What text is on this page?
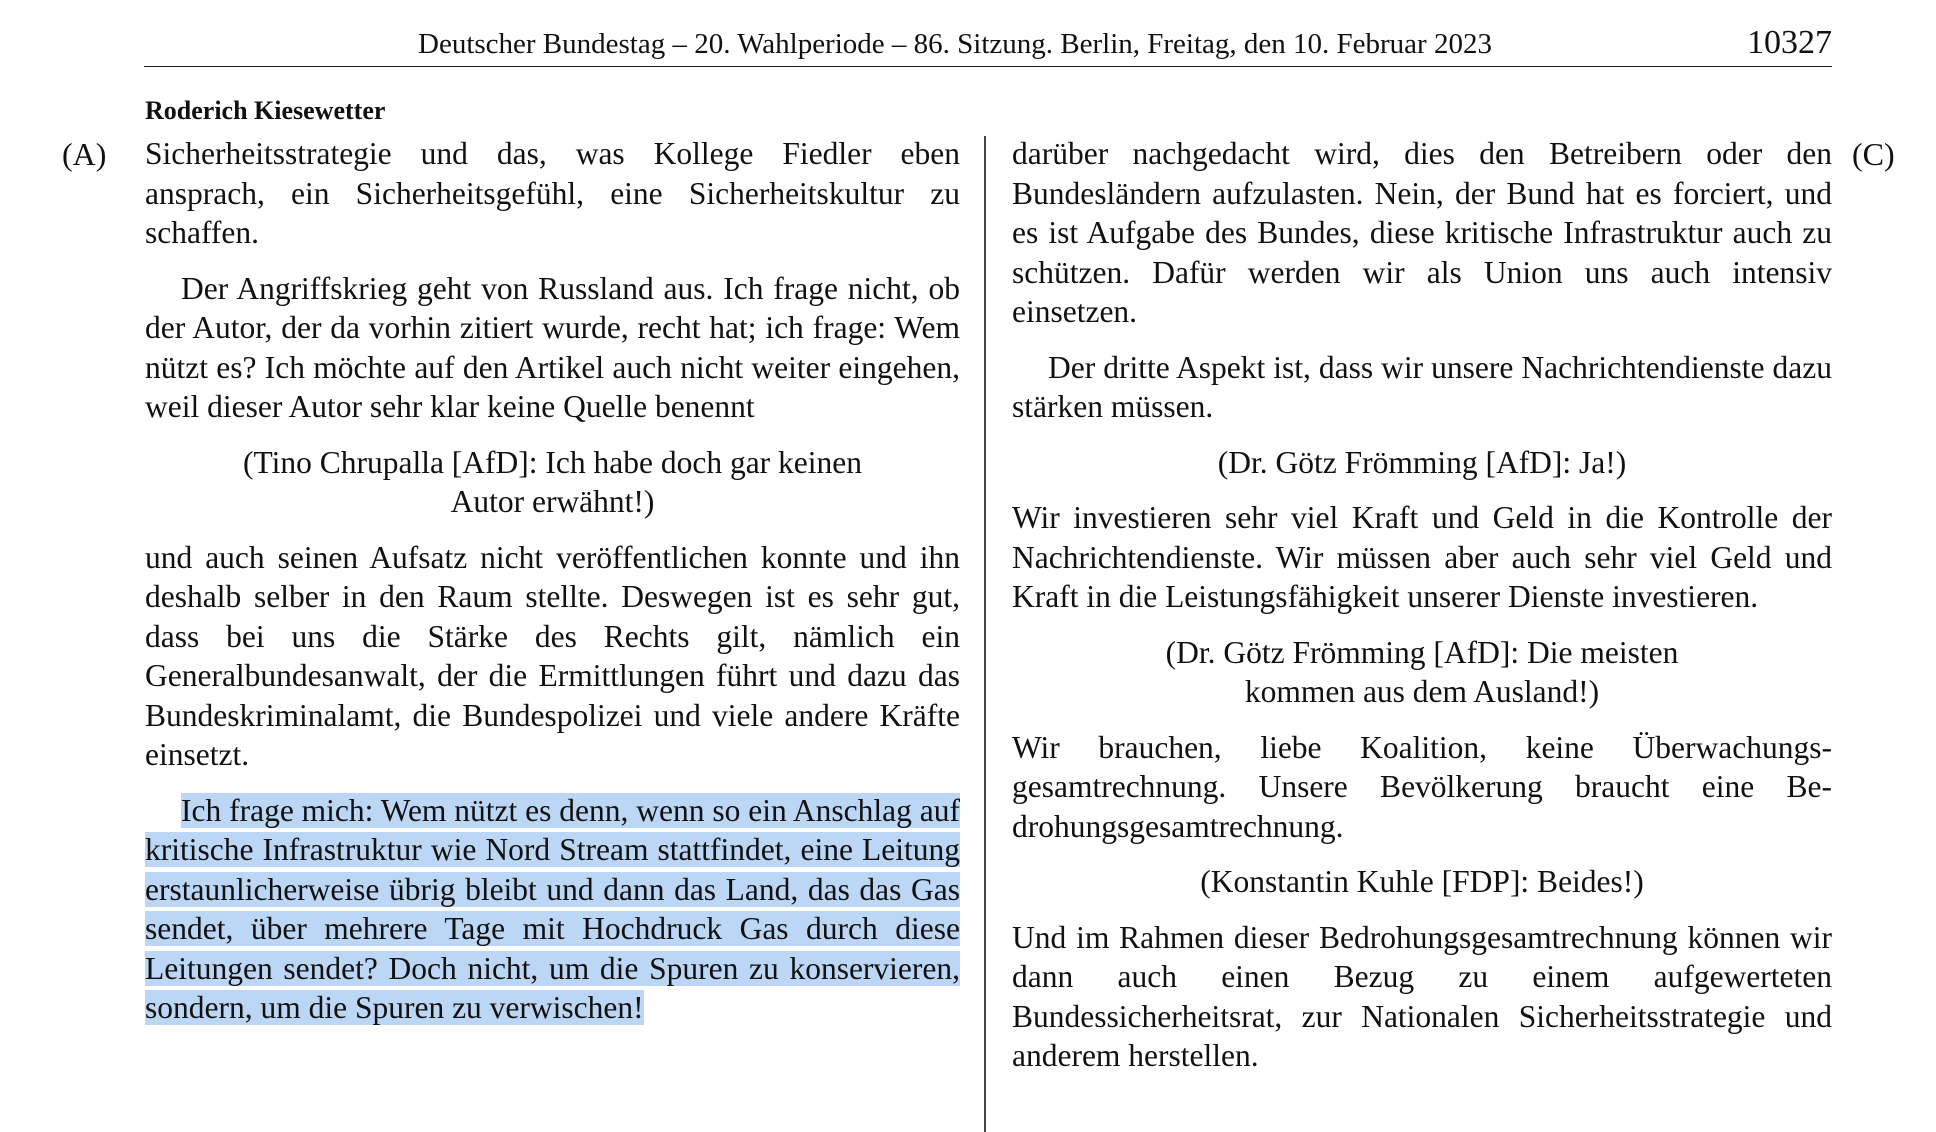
Deutscher Bundestag – 20. Wahlperiode – 86. Sitzung. Berlin, Freitag, den 10. Februar 2023	10327
Roderich Kiesewetter
(A)	(C)

Sicherheitsstrategie und das, was Kollege Fiedler eben ansprach, ein Sicherheitsgefühl, eine Sicherheitskultur zu schaffen.

Der Angriffskrieg geht von Russland aus. Ich frage nicht, ob der Autor, der da vorhin zitiert wurde, recht hat; ich frage: Wem nützt es? Ich möchte auf den Artikel auch nicht weiter eingehen, weil dieser Autor sehr klar keine Quelle benennt

(Tino Chrupalla [AfD]: Ich habe doch gar keinen Autor erwähnt!)

und auch seinen Aufsatz nicht veröffentlichen konnte und ihn deshalb selber in den Raum stellte. Deswegen ist es sehr gut, dass bei uns die Stärke des Rechts gilt, nämlich ein Generalbundesanwalt, der die Ermittlungen führt und dazu das Bundeskriminalamt, die Bundespolizei und viele andere Kräfte einsetzt.

Ich frage mich: Wem nützt es denn, wenn so ein Anschlag auf kritische Infrastruktur wie Nord Stream stattfindet, eine Leitung erstaunlicherweise übrig bleibt und dann das Land, das das Gas sendet, über mehrere Tage mit Hochdruck Gas durch diese Leitungen sendet? Doch nicht, um die Spuren zu konservieren, sondern, um die Spuren zu verwischen!

darüber nachgedacht wird, dies den Betreibern oder den Bundesländern aufzulasten. Nein, der Bund hat es forciert, und es ist Aufgabe des Bundes, diese kritische Infrastruktur auch zu schützen. Dafür werden wir als Union uns auch intensiv einsetzen.

Der dritte Aspekt ist, dass wir unsere Nachrichtendienste dazu stärken müssen.

(Dr. Götz Frömming [AfD]: Ja!)

Wir investieren sehr viel Kraft und Geld in die Kontrolle der Nachrichtendienste. Wir müssen aber auch sehr viel Geld und Kraft in die Leistungsfähigkeit unserer Dienste investieren.

(Dr. Götz Frömming [AfD]: Die meisten kommen aus dem Ausland!)

Wir brauchen, liebe Koalition, keine Überwachungsgesamtrechnung. Unsere Bevölkerung braucht eine Bedrohungsgesamtrechnung.

(Konstantin Kuhle [FDP]: Beides!)

Und im Rahmen dieser Bedrohungsgesamtrechnung können wir dann auch einen Bezug zu einem aufgewerteten Bundessicherheitsrat, zur Nationalen Sicherheitsstrategie und anderem herstellen.
